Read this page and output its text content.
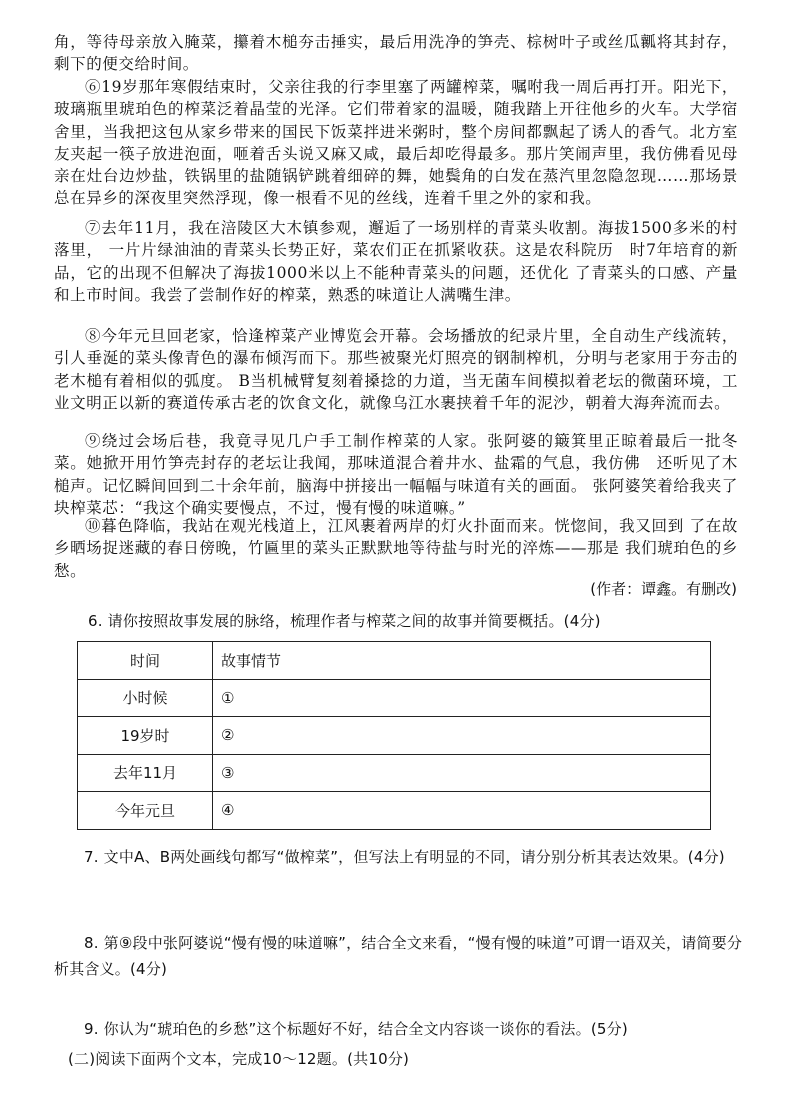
角，等待母亲放入腌菜，攥着木槌夯击捶实，最后用洗净的笋壳、棕树叶子或丝瓜瓤将其封存，剩下的便交给时间。

⑥19岁那年寒假结束时，父亲往我的行李里塞了两罐榨菜，嘱咐我一周后再打开。阳光下，玻璃瓶里琥珀色的榨菜泛着晶莹的光泽。它们带着家的温暖，随我踏上开往他乡的火车。大学宿舍里，当我把这包从家乡带来的国民下饭菜拌进米粥时，整个房间都飘起了诱人的香气。北方室友夹起一筷子放进泡面，咂着舌头说又麻又咸，最后却吃得最多。那片笑闹声里，我仿佛看见母亲在灶台边炒盐，铁锅里的盐随锅铲跳着细碎的舞，她鬓角的白发在蒸汽里忽隐忽现……那场景总在异乡的深夜里突然浮现，像一根看不见的丝线，连着千里之外的家和我。

⑦去年11月，我在涪陵区大木镇参观，邂逅了一场别样的青菜头收割。海拔1500多米的村落里， 一片片绿油油的青菜头长势正好，菜农们正在抓紧收获。这是农科院历　时7年培育的新品，它的出现不但解决了海拔1000米以上不能种青菜头的问题，还优化 了青菜头的口感、产量和上市时间。我尝了尝制作好的榨菜，熟悉的味道让人满嘴生津。

⑧今年元旦回老家，恰逢榨菜产业博览会开幕。会场播放的纪录片里，全自动生产线流转，引人垂涎的菜头像青色的瀑布倾泻而下。那些被聚光灯照亮的钢制榨机，分明与老家用于夯击的老木槌有着相似的弧度。 B当机械臂复刻着搡捻的力道，当无菌车间模拟着老坛的微菌环境，工业文明正以新的赛道传承古老的饮食文化，就像乌江水裹挟着千年的泥沙，朝着大海奔流而去。

⑨绕过会场后巷，我竟寻见几户手工制作榨菜的人家。张阿婆的簸箕里正晾着最后一批冬菜。她掀开用竹笋壳封存的老坛让我闻，那味道混合着井水、盐霜的气息，我仿佛　还听见了木槌声。记忆瞬间回到二十余年前，脑海中拼接出一幅幅与味道有关的画面。 张阿婆笑着给我夹了块榨菜芯：“我这个确实要慢点，不过，慢有慢的味道嘛。”

⑩暮色降临，我站在观光栈道上，江风裹着两岸的灯火扑面而来。恍惚间，我又回到 了在故乡晒场捉迷藏的春日傍晚，竹匾里的菜头正默默地等待盐与时光的淬炼——那是 我们琥珀色的乡愁。

(作者：谭鑫。有删改)

6. 请你按照故事发展的脉络，梳理作者与榨菜之间的故事并简要概括。(4分)

时间	故事情节
小时候	①
19岁时	②
去年11月	③
今年元旦	④

7. 文中A、B两处画线句都写“做榨菜”，但写法上有明显的不同，请分别分析其表达效果。(4分)

8. 第⑨段中张阿婆说“慢有慢的味道嘛”，结合全文来看，“慢有慢的味道”可谓一语双关，请简要分析其含义。(4分)

9. 你认为“琥珀色的乡愁”这个标题好不好，结合全文内容谈一谈你的看法。(5分)

(二)阅读下面两个文本，完成10～12题。(共10分)
